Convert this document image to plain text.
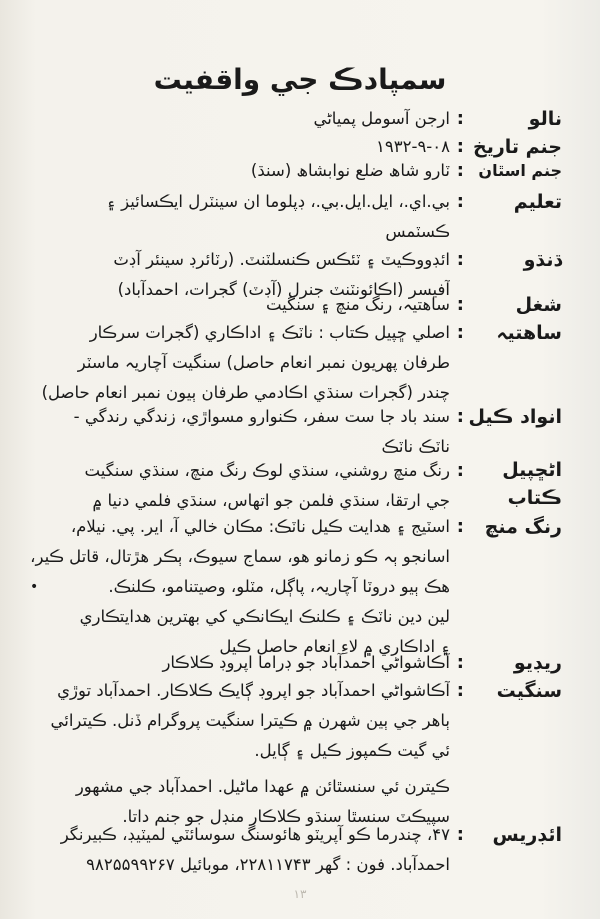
سمپادڪ جي واقفيت
نالو
:
ارجن آسومل پمياڻي
جنم تاريخ
:
۱۹۳۲-۹-۰۸
جنم اسٿان
:
ٽارو شاھ ضلع نوابشاھ (سنڌ)
تعليم
:
بي.اي.، ايل.ايل.بي.، ڊپلوما ان سينٽرل ايڪسائيز ۽
ڪسٽمس
ڌنڌو
:
ائڊووڪيٽ ۽ ٽئڪس ڪنسلٽنٽ. (رٽائرڊ سينئر آڊٽ
آفيسر (اڪائونٽنٽ جنرل (آڊٽ) گجرات، احمدآباد)
شغل
:
ساھتيہ، رنگ منچ ۽ سنگيت
ساھتيہ
:
اصلي ڇپيل ڪتاب : ناٽڪ ۽ اداڪاري (گجرات سرڪار
طرفان پھريون نمبر انعام حاصل) سنگيت آچاريہ ماسٽر
چندر (گجرات سنڌي اڪادمي طرفان ٻيون نمبر انعام حاصل)
انواد ڪيل
:
سند باد جا ست سفر، ڪنوارو مسواڙي، زندگي رندگي -
ناٽڪ ناٽڪ
اڻڇپيل
ڪتاب
:
رنگ منچ روشني، سنڌي لوڪ رنگ منچ، سنڌي سنگيت
جي ارتقا، سنڌي فلمن جو اتھاس، سنڌي فلمي دنيا ۾
رنگ منچ
:
اسٽيج ۽ ھدايت ڪيل ناٽڪ: مڪان خالي آ، اير. پي. نيلام،
اسانجو ٻہ ڪو زمانو ھو، سماج سيوڪ، ٻڪر ھڙتال، قاتل ڪير،
ھڪ ٻيو دروٽا آچاريہ، پاڳل، مٽلو، وصيتنامو، ڪلنڪ.
لين دين ناٽڪ ۽ ڪلنڪ ايڪانڪي کي بھترين ھدايتڪاري
۽ اداڪاري ۾ لاءِ انعام حاصل ڪيل
•
ريڊيو
:
آڪاشواڻي احمدآباد جو ڊراما اپروڊ ڪلاڪار
سنگيت
:
آڪاشواڻي احمدآباد جو اپروڊ ڳايڪ ڪلاڪار. احمدآباد توڙي
ٻاھر جي ٻين شھرن ۾ ڪيترا سنگيت پروگرام ڏنل. ڪيترائي
ئي گيت ڪمپوز ڪيل ۽ ڳايل.
ڪيترن ئي سنسٿائن ۾ عھدا ماڻيل. احمدآباد جي مشھور
سپيڪٽ سنسٿا سنڌو ڪلاڪار منڊل جو جنم داتا.
ائڊريس
:
۴۷، چندرما ڪو آپريٽو ھائوسنگ سوسائٽي لميٽيڊ، ڪبيرنگر
احمدآباد. فون : گھر ۲۲۸۱۱۷۴۳، موبائيل ۹۸۲۵۵۹۹۲۶۷
۱۳
